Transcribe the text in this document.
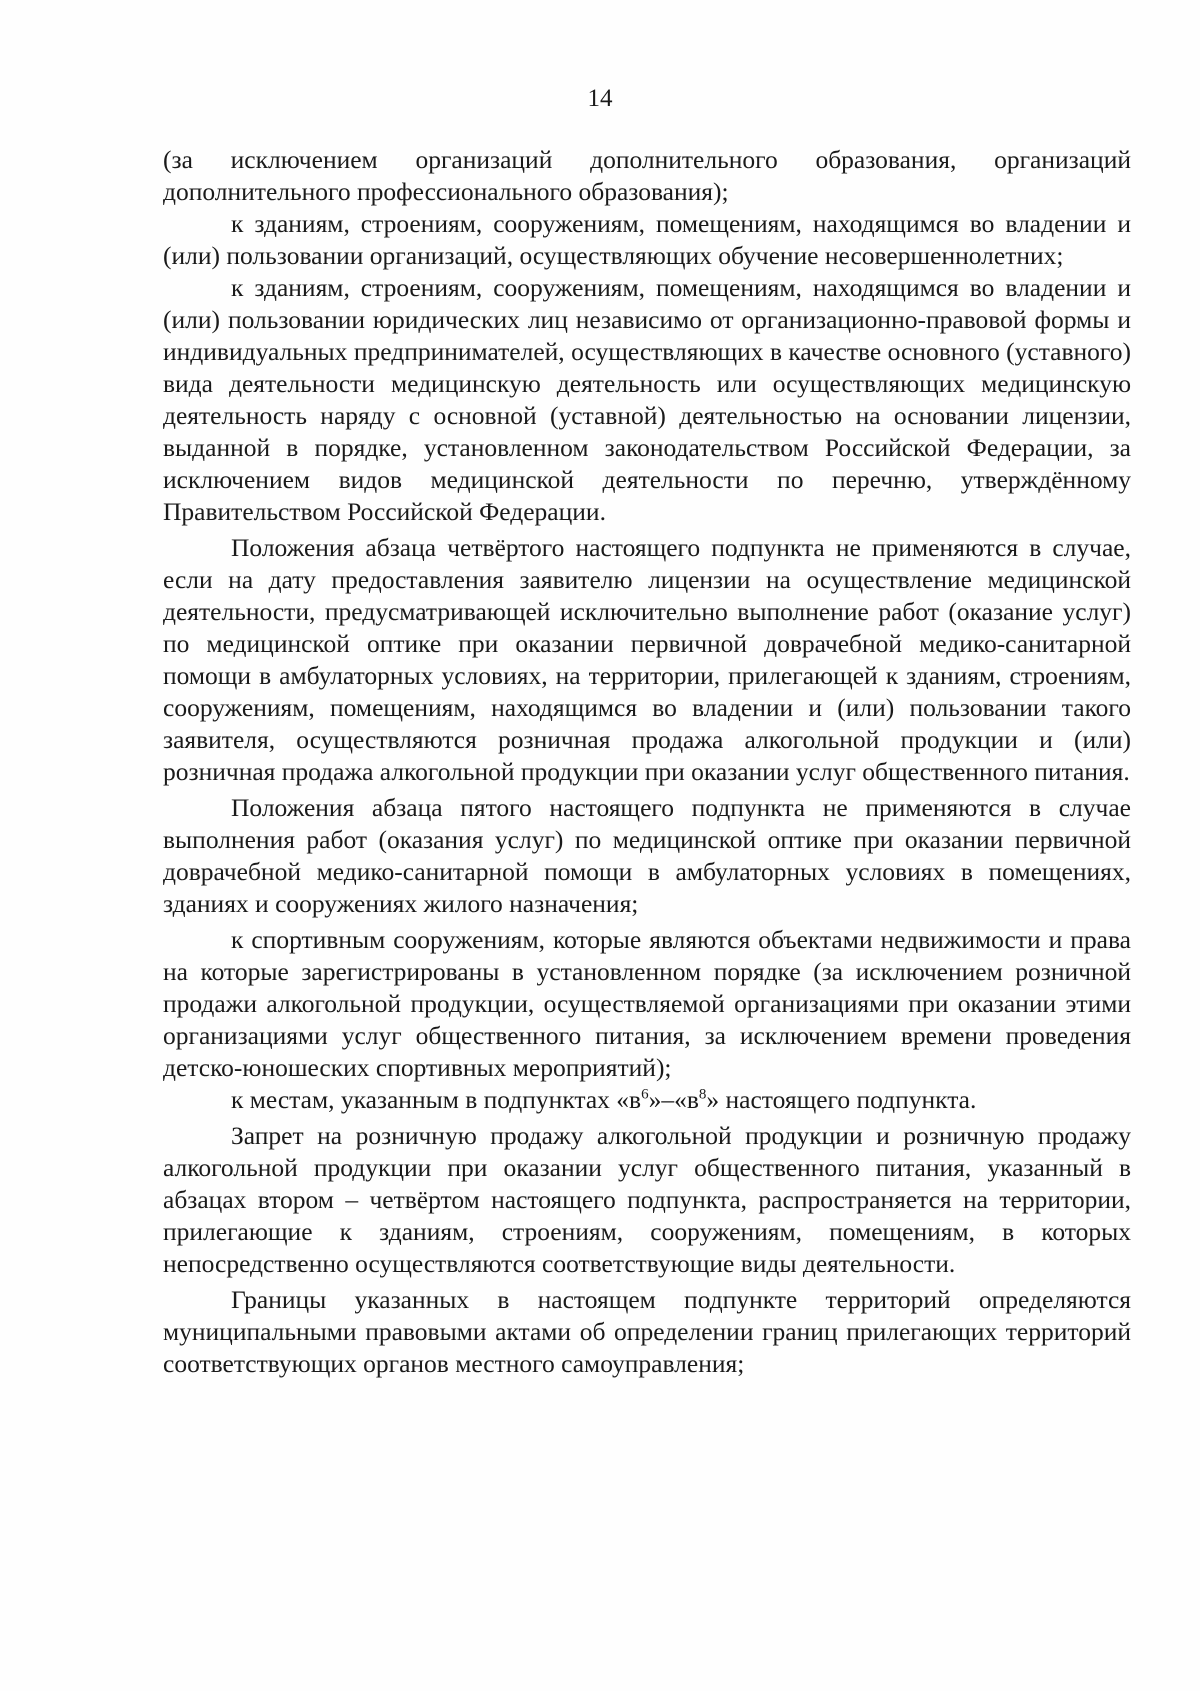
14

(за исключением организаций дополнительного образования, организаций дополнительного профессионального образования);

к зданиям, строениям, сооружениям, помещениям, находящимся во владении и (или) пользовании организаций, осуществляющих обучение несовершеннолетних;

к зданиям, строениям, сооружениям, помещениям, находящимся во владении и (или) пользовании юридических лиц независимо от организационно-правовой формы и индивидуальных предпринимателей, осуществляющих в качестве основного (уставного) вида деятельности медицинскую деятельность или осуществляющих медицинскую деятельность наряду с основной (уставной) деятельностью на основании лицензии, выданной в порядке, установленном законодательством Российской Федерации, за исключением видов медицинской деятельности по перечню, утверждённому Правительством Российской Федерации.

Положения абзаца четвёртого настоящего подпункта не применяются в случае, если на дату предоставления заявителю лицензии на осуществление медицинской деятельности, предусматривающей исключительно выполнение работ (оказание услуг) по медицинской оптике при оказании первичной доврачебной медико-санитарной помощи в амбулаторных условиях, на территории, прилегающей к зданиям, строениям, сооружениям, помещениям, находящимся во владении и (или) пользовании такого заявителя, осуществляются розничная продажа алкогольной продукции и (или) розничная продажа алкогольной продукции при оказании услуг общественного питания.

Положения абзаца пятого настоящего подпункта не применяются в случае выполнения работ (оказания услуг) по медицинской оптике при оказании первичной доврачебной медико-санитарной помощи в амбулаторных условиях в помещениях, зданиях и сооружениях жилого назначения;

к спортивным сооружениям, которые являются объектами недвижимости и права на которые зарегистрированы в установленном порядке (за исключением розничной продажи алкогольной продукции, осуществляемой организациями при оказании этими организациями услуг общественного питания, за исключением времени проведения детско-юношеских спортивных мероприятий);

к местам, указанным в подпунктах «$в^6»-«в^8$» настоящего подпункта.

Запрет на розничную продажу алкогольной продукции и розничную продажу алкогольной продукции при оказании услуг общественного питания, указанный в абзацах втором – четвёртом настоящего подпункта, распространяется на территории, прилегающие к зданиям, строениям, сооружениям, помещениям, в которых непосредственно осуществляются соответствующие виды деятельности.

Границы указанных в настоящем подпункте территорий определяются муниципальными правовыми актами об определении границ прилегающих территорий соответствующих органов местного самоуправления;
